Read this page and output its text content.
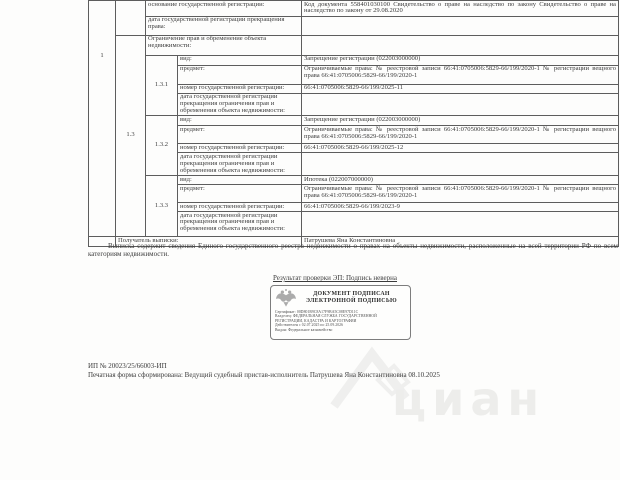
циан
1		основание государственной регистрации:		Код документа 558401030100 Свидетельство о праве на наследство по закону Свидетельство о праве на наследство по закону от 29.08.2020
		дата государственной регистрации прекращения права:		
	1.3	Ограничение прав и обременение объекта недвижимости:		
		1.3.1	вид:	Запрещение регистрации (022003000000)
			предмет:	Ограничиваемые права: № реестровой записи 66:41:0705006:5829-66/199/2020-1 № регистрации вещного права 66:41:0705006:5829-66/199/2020-1
			номер государственной регистрации:	66:41:0705006:5829-66/199/2025-11
			дата государственной регистрации прекращения ограничения прав и обременения объекта недвижимости:	
		1.3.2	вид:	Запрещение регистрации (022003000000)
			предмет:	Ограничиваемые права: № реестровой записи 66:41:0705006:5829-66/199/2020-1 № регистрации вещного права 66:41:0705006:5829-66/199/2020-1
			номер государственной регистрации:	66:41:0705006:5829-66/199/2025-12
			дата государственной регистрации прекращения ограничения прав и обременения объекта недвижимости:	
		1.3.3	вид:	Ипотека (022007000000)
			предмет:	Ограничиваемые права: № реестровой записи 66:41:0705006:5829-66/199/2020-1 № регистрации вещного права 66:41:0705006:5829-66/199/2020-1
			номер государственной регистрации:	66:41:0705006:5829-66/199/2023-9
			дата государственной регистрации прекращения ограничения прав и обременения объекта недвижимости:	
	Получатель выписки:			Патрушева Яна Константиновна
Выписка содержит сведения Единого государственного реестра недвижимости о правах на объекты недвижимости, расположенные на всей территории РФ по всем категориям недвижимости.
Результат проверки ЭП: Подпись неверна
ДОКУМЕНТ ПОДПИСАН
ЭЛЕКТРОННОЙ ПОДПИСЬЮ
Сертификат: 00D801B9C8A17F9BA5C08E97D11C
Владелец: ФЕДЕРАЛЬНАЯ СЛУЖБА ГОСУДАРСТВЕННОЙ РЕГИСТРАЦИИ, КАДАСТРА И КАРТОГРАФИИ
Действителен с 02.07.2025 по 25.09.2026
Выдан: Федеральное казначейство
ИП № 20023/25/66003-ИП
Печатная форма сформирована: Ведущий судебный пристав-исполнитель Патрушева Яна Константиновна 08.10.2025
